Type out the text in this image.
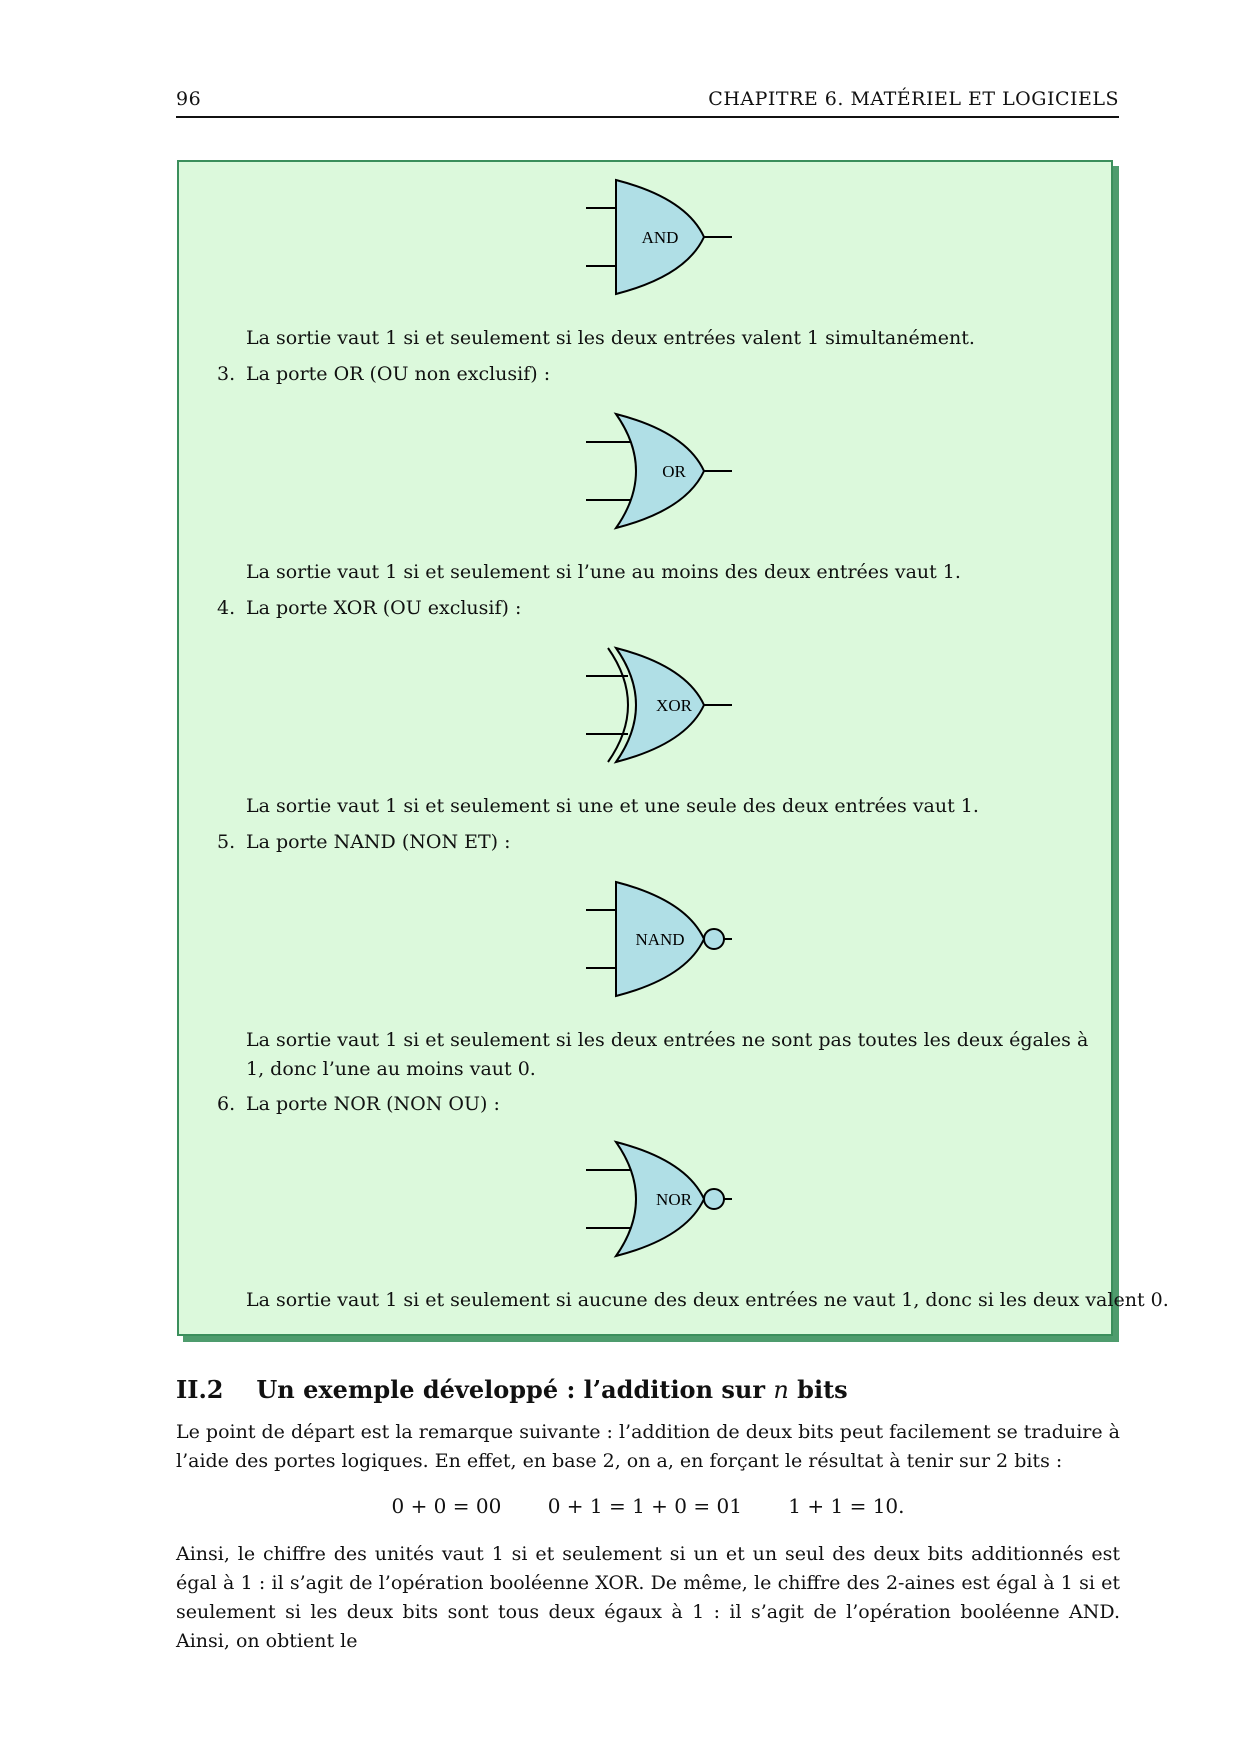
96	CHAPITRE 6. MATÉRIEL ET LOGICIELS
AND
La sortie vaut 1 si et seulement si les deux entrées valent 1 simultanément.
3. La porte OR (OU non exclusif) :
OR
La sortie vaut 1 si et seulement si l’une au moins des deux entrées vaut 1.
4. La porte XOR (OU exclusif) :
XOR
La sortie vaut 1 si et seulement si une et une seule des deux entrées vaut 1.
5. La porte NAND (NON ET) :
NAND
La sortie vaut 1 si et seulement si les deux entrées ne sont pas toutes les deux égales à 1, donc l’une au moins vaut 0.
6. La porte NOR (NON OU) :
NOR
La sortie vaut 1 si et seulement si aucune des deux entrées ne vaut 1, donc si les deux valent 0.
II.2 Un exemple développé : l’addition sur n bits
Le point de départ est la remarque suivante : l’addition de deux bits peut facilement se traduire à l’aide des portes logiques. En effet, en base 2, on a, en forçant le résultat à tenir sur 2 bits :
0 + 0 = 00 0 + 1 = 1 + 0 = 01 1 + 1 = 10.
Ainsi, le chiffre des unités vaut 1 si et seulement si un et un seul des deux bits additionnés est égal à 1 : il s’agit de l’opération booléenne XOR. De même, le chiffre des 2-aines est égal à 1 si et seulement si les deux bits sont tous deux égaux à 1 : il s’agit de l’opération booléenne AND. Ainsi, on obtient le
